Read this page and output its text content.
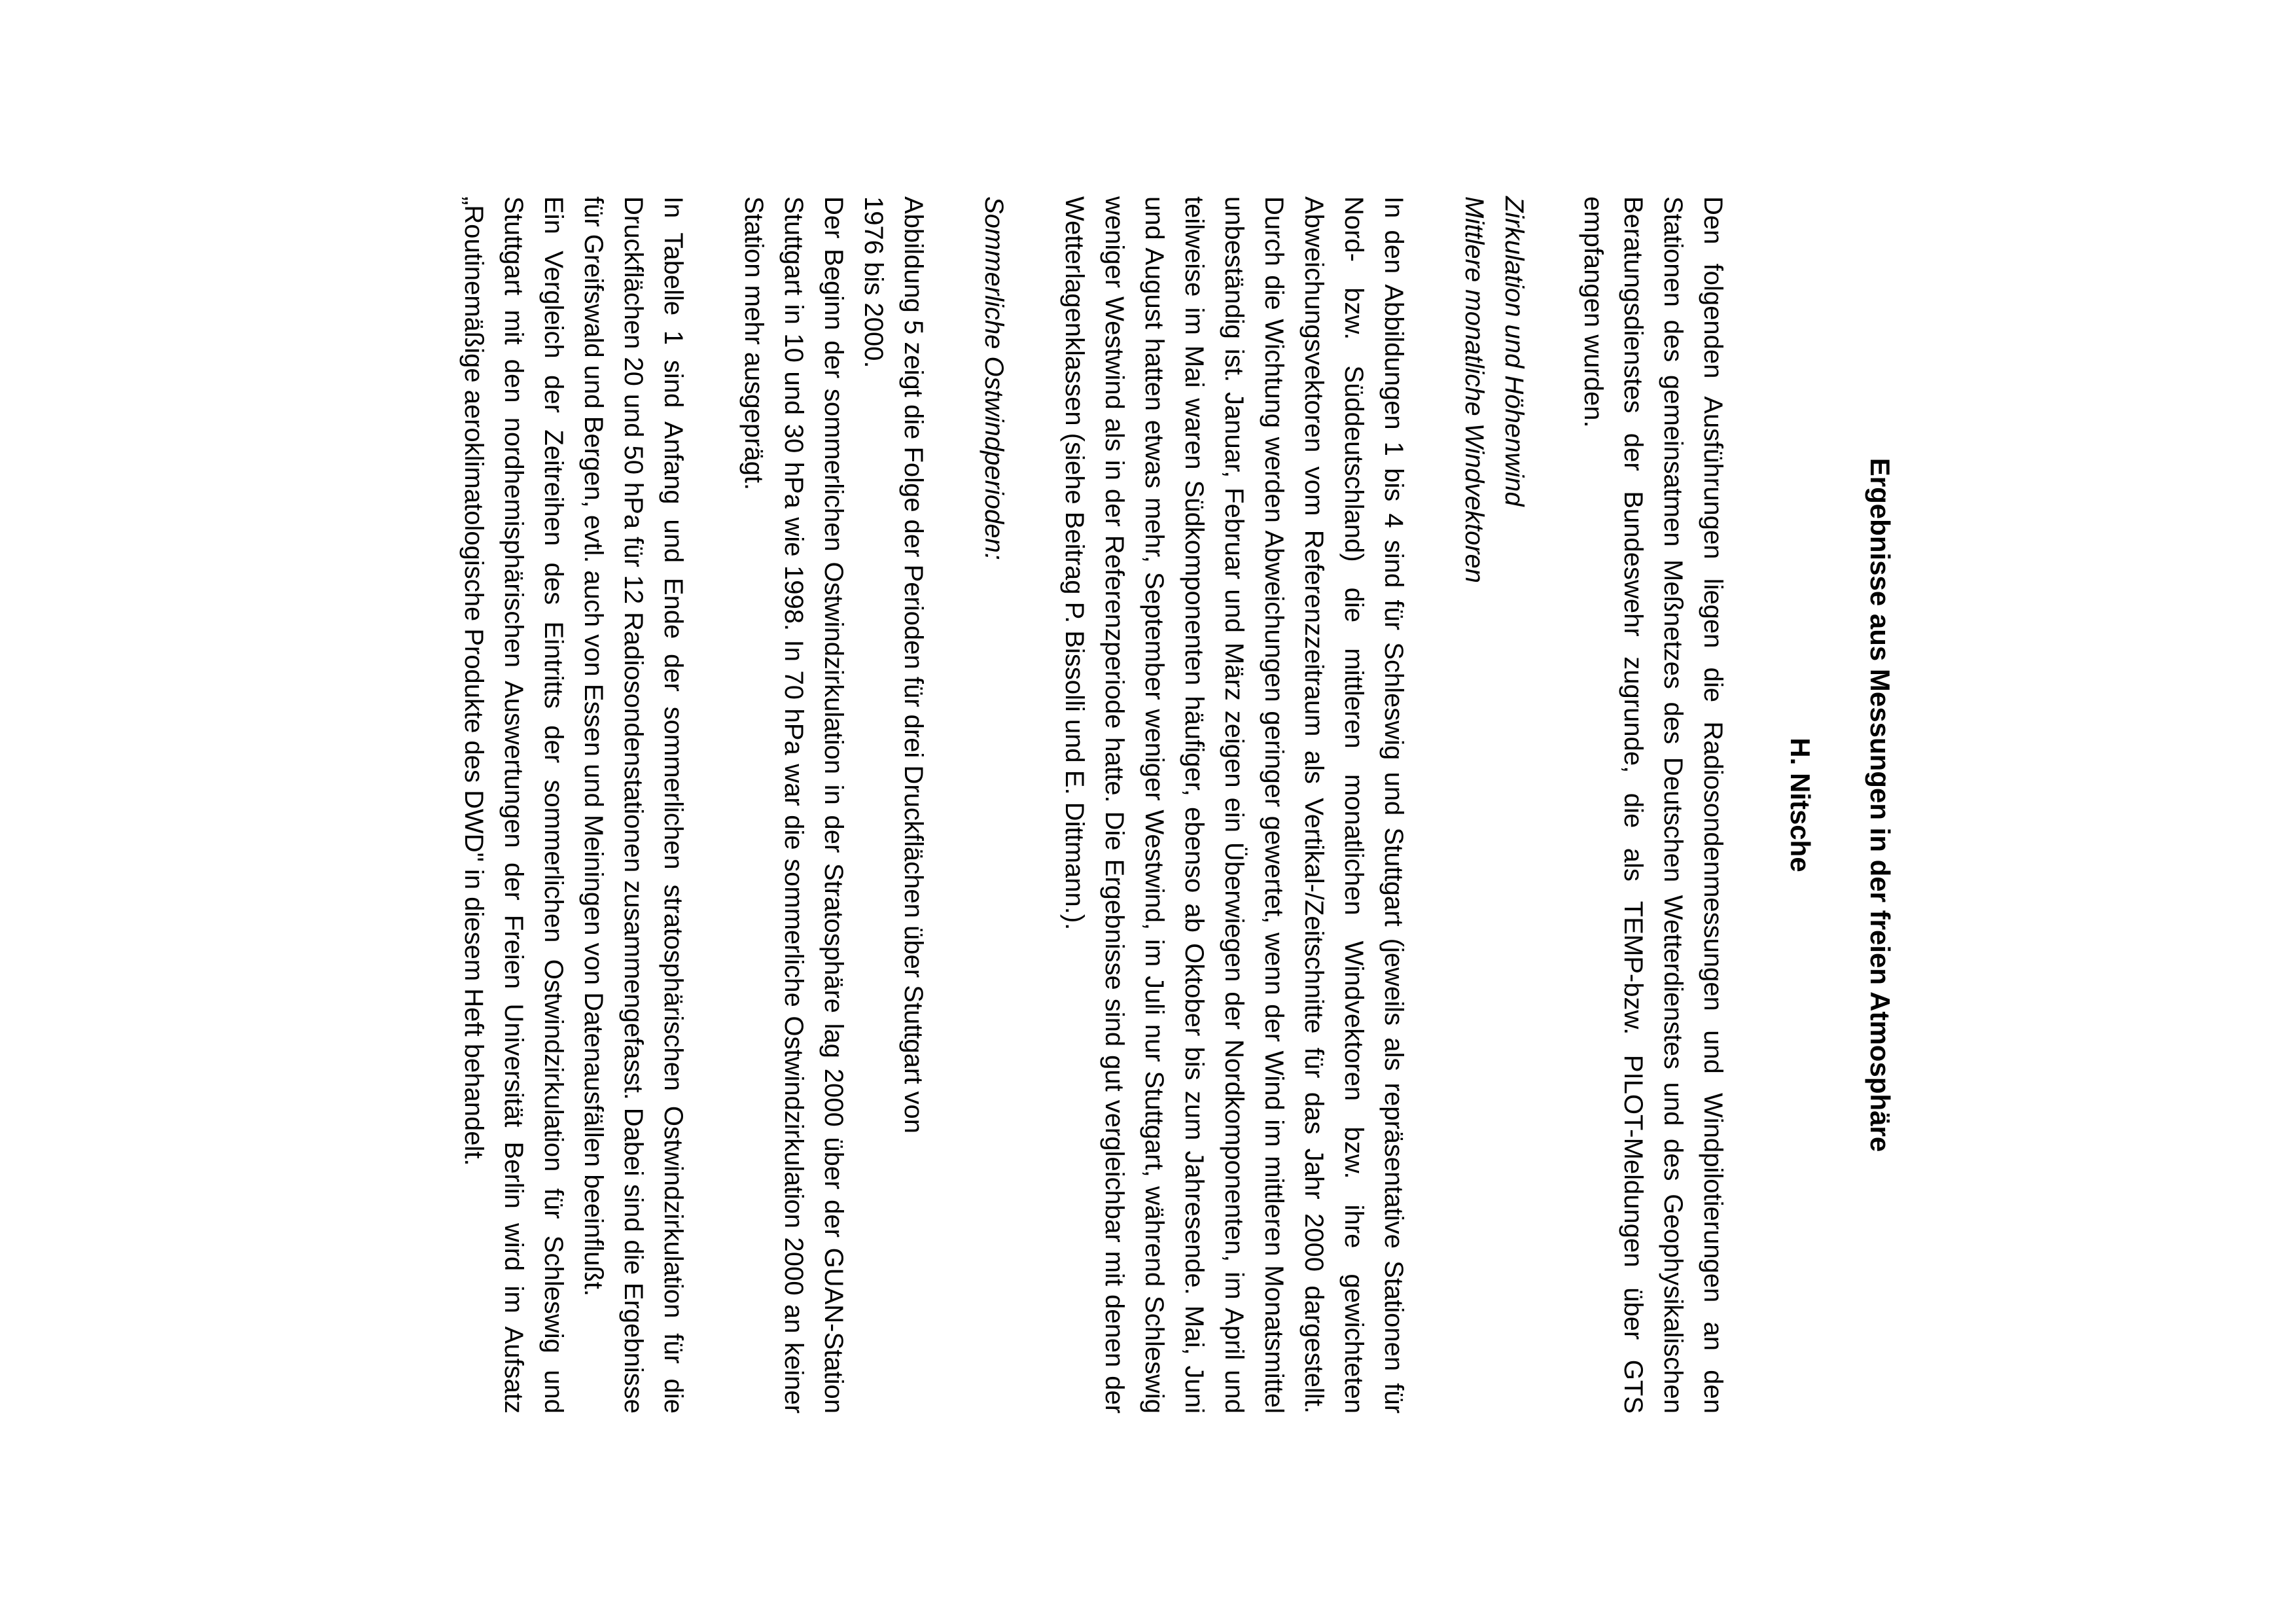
Ergebnisse aus Messungen in der freien Atmosphäre
H. Nitsche

Den folgenden Ausführungen liegen die Radiosondenmessungen und Windpilotierungen an den Stationen des gemeinsatmen Meßnetzes des Deutschen Wetterdienstes und des Geophysikalischen Beratungsdienstes der Bundeswehr zugrunde, die als TEMP-bzw. PILOT-Meldungen über GTS empfangen wurden.

Zirkulation und Höhenwind

Mittlere monatliche Windvektoren

In den Abbildungen 1 bis 4 sind für Schleswig und Stuttgart (jeweils als repräsentative Stationen für Nord- bzw. Süddeutschland) die mittleren monatlichen Windvektoren bzw. ihre gewichteten Abweichungsvektoren vom Referenzzeitraum als Vertikal-/Zeitschnitte für das Jahr 2000 dargestellt. Durch die Wichtung werden Abweichungen geringer gewertet, wenn der Wind im mittleren Monatsmittel unbeständig ist. Januar, Februar und März zeigen ein Überwiegen der Nordkomponenten, im April und teilweise im Mai waren Südkomponenten häufiger, ebenso ab Oktober bis zum Jahresende. Mai, Juni und August hatten etwas mehr, September weniger Westwind, im Juli nur Stuttgart, während Schleswig weniger Westwind als in der Referenzperiode hatte. Die Ergebnisse sind gut vergleichbar mit denen der Wetterlagenklassen (siehe Beitrag P. Bissolli und E. Dittmann.).

Sommerliche Ostwindperioden:

Abbildung 5 zeigt die Folge der Perioden für drei Druckflächen über Stuttgart von

1976 bis 2000.

Der Beginn der sommerlichen Ostwindzirkulation in der Stratosphäre lag 2000 über der GUAN-Station Stuttgart in 10 und 30 hPa wie 1998. In 70 hPa war die sommerliche Ostwindzirkulation 2000 an keiner Station mehr ausgeprägt.

In Tabelle 1 sind Anfang und Ende der sommerlichen stratosphärischen Ostwindzirkulation für die Druckflächen 20 und 50 hPa für 12 Radiosondenstationen zusammengefasst. Dabei sind die Ergebnisse für Greifswald und Bergen, evtl. auch von Essen und Meiningen von Datenausfällen beeinflußt.

Ein Vergleich der Zeitreihen des Eintritts der sommerlichen Ostwindzirkulation für Schleswig und Stuttgart mit den nordhemisphärischen Auswertungen der Freien Universität Berlin wird im Aufsatz „Routinemäßige aeroklimatologische Produkte des DWD" in diesem Heft behandelt.
